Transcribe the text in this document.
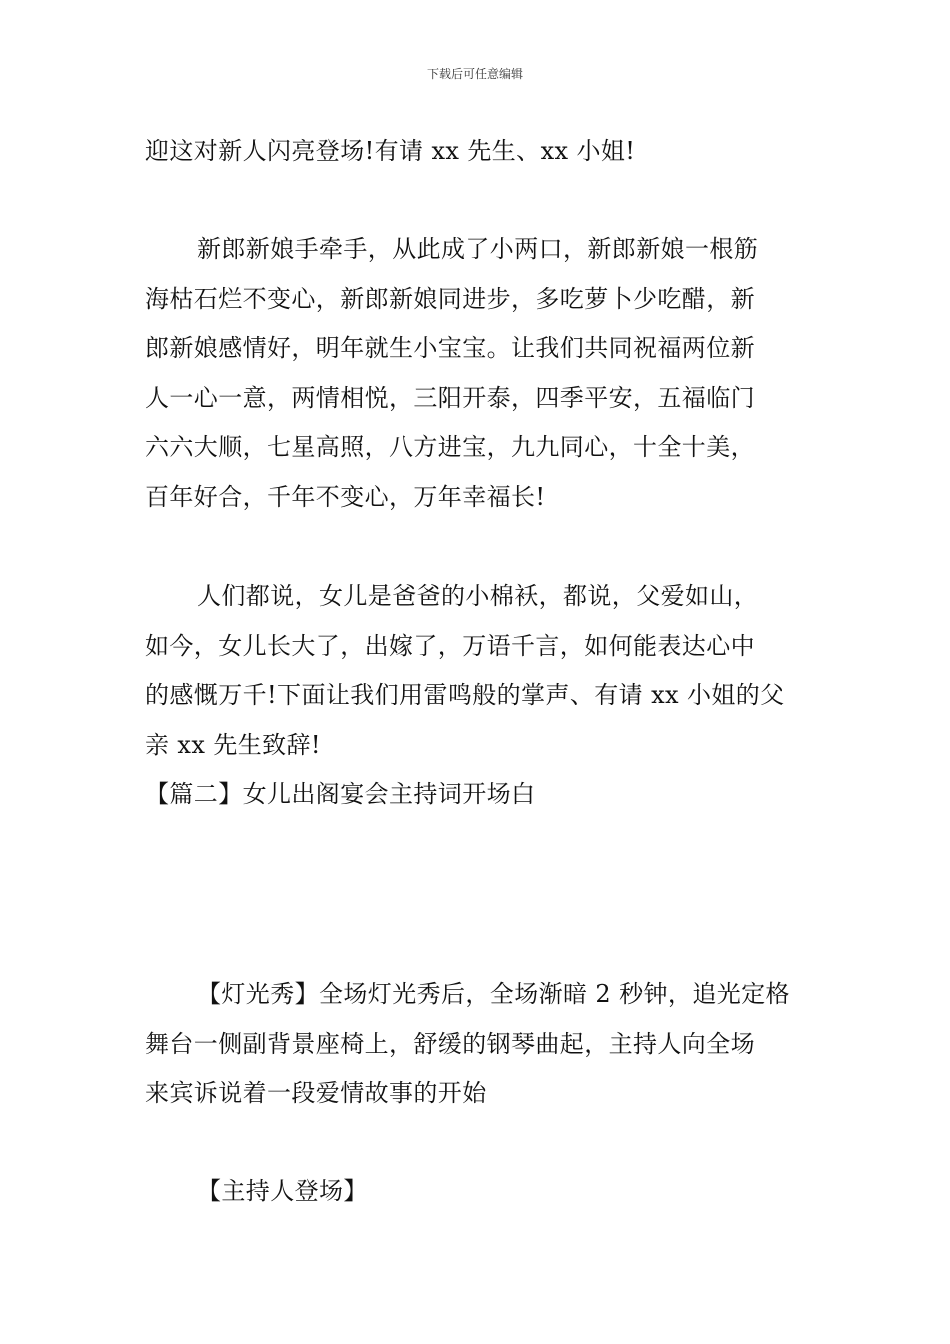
下载后可任意编辑
迎这对新人闪亮登场!有请 xx 先生、xx 小姐!
新郎新娘手牵手，从此成了小两口，新郎新娘一根筋
海枯石烂不变心，新郎新娘同进步，多吃萝卜少吃醋，新
郎新娘感情好，明年就生小宝宝。让我们共同祝福两位新
人一心一意，两情相悦，三阳开泰，四季平安，五福临门
六六大顺，七星高照，八方进宝，九九同心，十全十美，
百年好合，千年不变心，万年幸福长!
人们都说，女儿是爸爸的小棉袄，都说，父爱如山，
如今，女儿长大了，出嫁了，万语千言，如何能表达心中
的感慨万千!下面让我们用雷鸣般的掌声、有请 xx 小姐的父
亲 xx 先生致辞!
【篇二】女儿出阁宴会主持词开场白
【灯光秀】全场灯光秀后，全场渐暗 2 秒钟，追光定格
舞台一侧副背景座椅上，舒缓的钢琴曲起，主持人向全场
来宾诉说着一段爱情故事的开始
【主持人登场】
